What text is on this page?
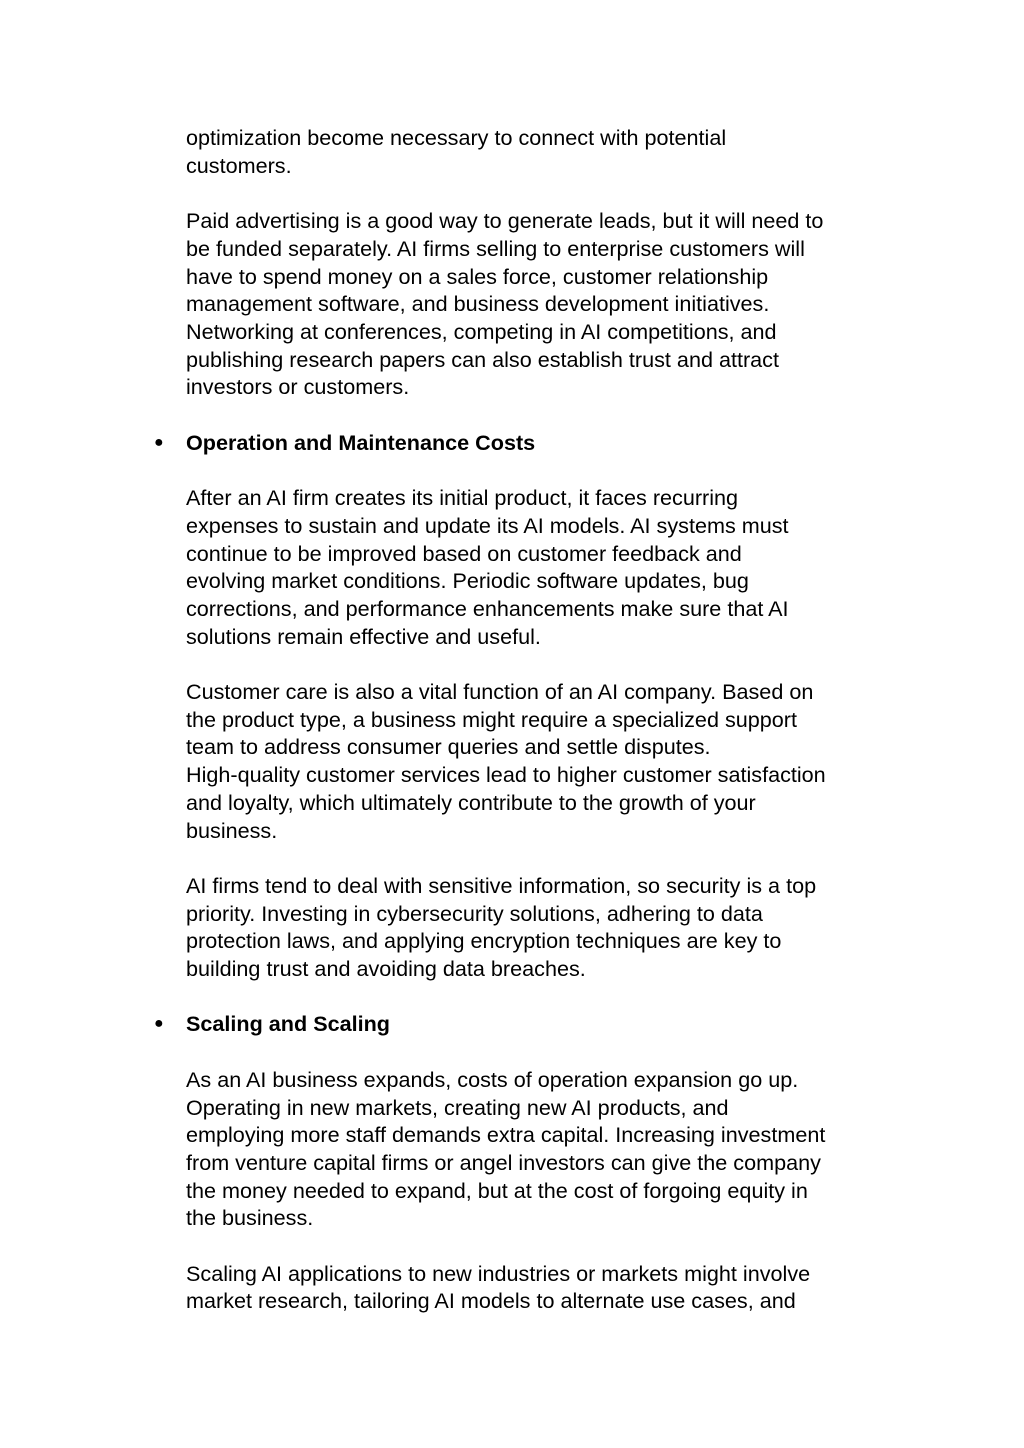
optimization become necessary to connect with potential
customers.
Paid advertising is a good way to generate leads, but it will need to
be funded separately. AI firms selling to enterprise customers will
have to spend money on a sales force, customer relationship
management software, and business development initiatives.
Networking at conferences, competing in AI competitions, and
publishing research papers can also establish trust and attract
investors or customers.
● Operation and Maintenance Costs
After an AI firm creates its initial product, it faces recurring
expenses to sustain and update its AI models. AI systems must
continue to be improved based on customer feedback and
evolving market conditions. Periodic software updates, bug
corrections, and performance enhancements make sure that AI
solutions remain effective and useful.
Customer care is also a vital function of an AI company. Based on
the product type, a business might require a specialized support
team to address consumer queries and settle disputes.
High-quality customer services lead to higher customer satisfaction
and loyalty, which ultimately contribute to the growth of your
business.
AI firms tend to deal with sensitive information, so security is a top
priority. Investing in cybersecurity solutions, adhering to data
protection laws, and applying encryption techniques are key to
building trust and avoiding data breaches.
● Scaling and Scaling
As an AI business expands, costs of operation expansion go up.
Operating in new markets, creating new AI products, and
employing more staff demands extra capital. Increasing investment
from venture capital firms or angel investors can give the company
the money needed to expand, but at the cost of forgoing equity in
the business.
Scaling AI applications to new industries or markets might involve
market research, tailoring AI models to alternate use cases, and
